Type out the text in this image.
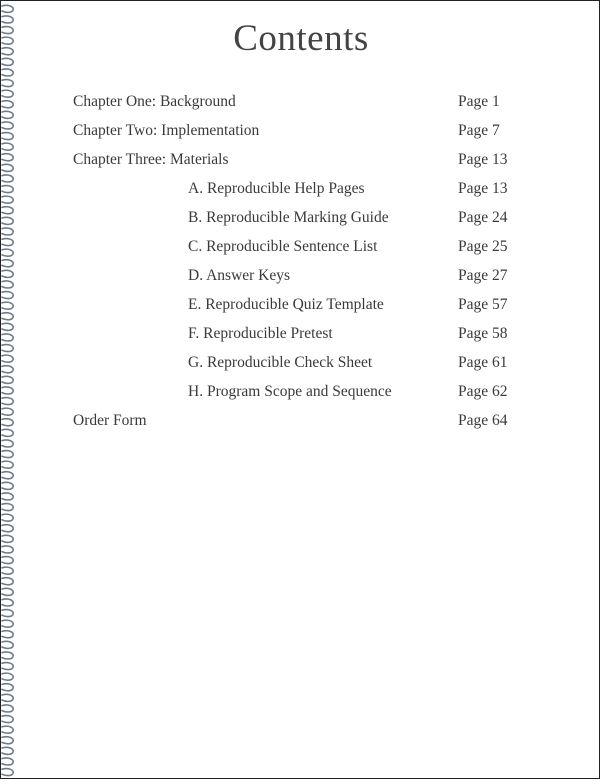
Contents
Chapter One: Background	Page 1
Chapter Two: Implementation	Page 7
Chapter Three: Materials	Page 13
A. Reproducible Help Pages	Page 13
B. Reproducible Marking Guide	Page 24
C. Reproducible Sentence List	Page 25
D. Answer Keys	Page 27
E. Reproducible Quiz Template	Page 57
F. Reproducible Pretest	Page 58
G. Reproducible Check Sheet	Page 61
H. Program Scope and Sequence	Page 62
Order Form	Page 64
